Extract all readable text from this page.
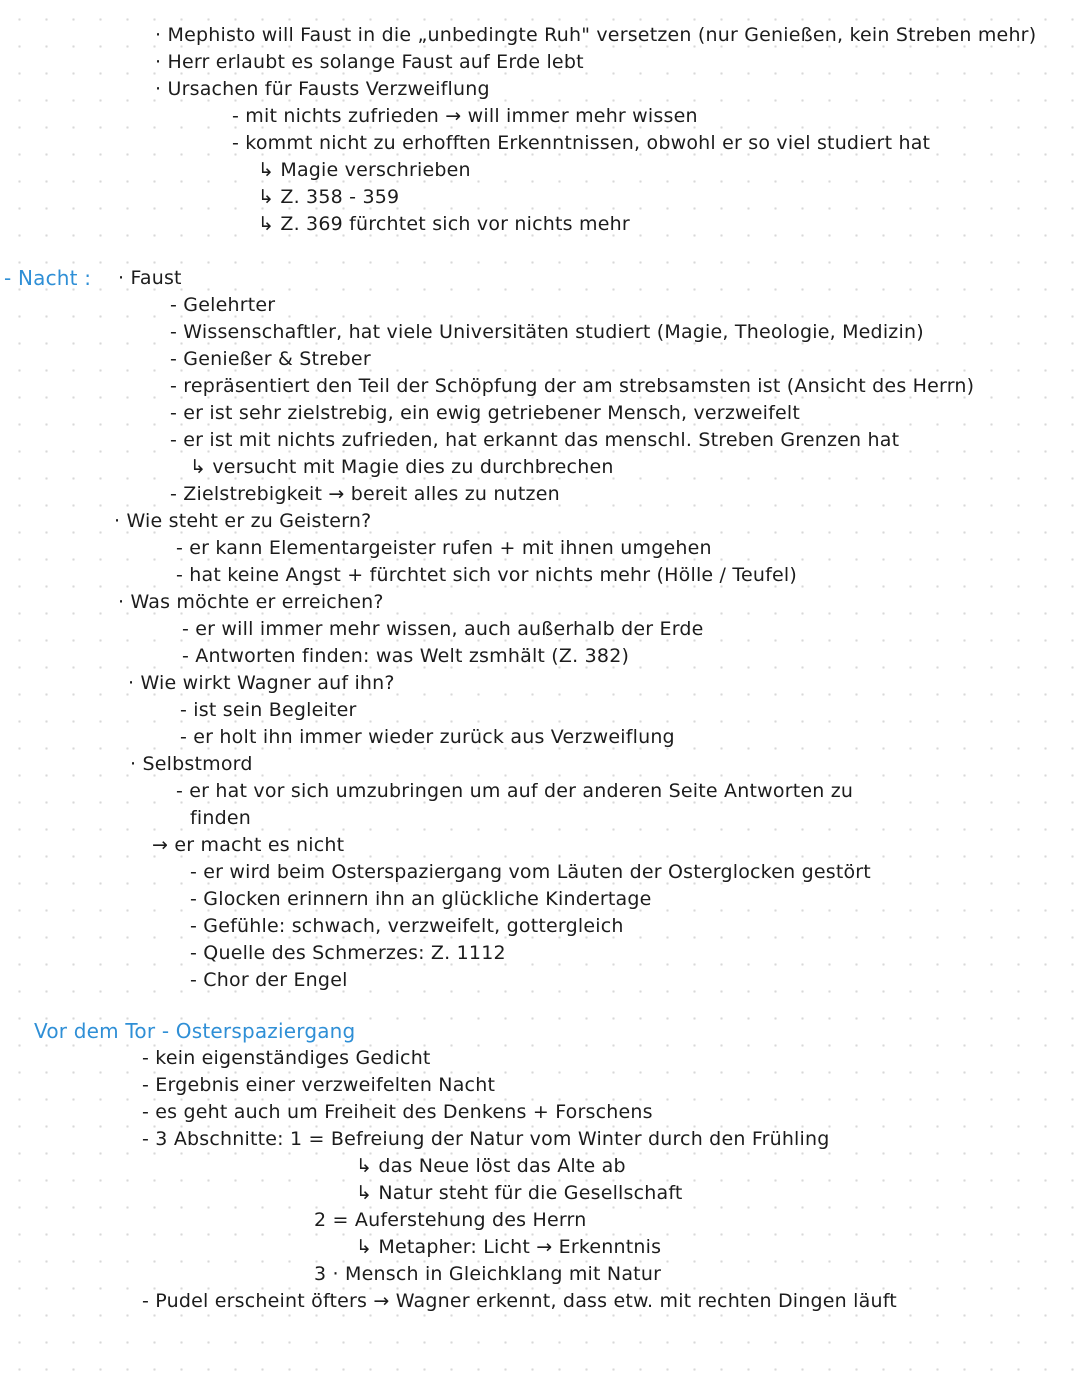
· Mephisto will Faust in die „unbedingte Ruh" versetzen (nur Genießen, kein Streben mehr)
· Herr erlaubt es solange Faust auf Erde lebt
· Ursachen für Fausts Verzweiflung
- mit nichts zufrieden → will immer mehr wissen
- kommt nicht zu erhofften Erkenntnissen, obwohl er so viel studiert hat
↳ Magie verschrieben
↳ Z. 358 - 359
↳ Z. 369 fürchtet sich vor nichts mehr
- Nacht : · Faust
- Gelehrter
- Wissenschaftler, hat viele Universitäten studiert (Magie, Theologie, Medizin)
- Genießer & Streber
- repräsentiert den Teil der Schöpfung der am strebsamsten ist (Ansicht des Herrn)
- er ist sehr zielstrebig, ein ewig getriebener Mensch, verzweifelt
- er ist mit nichts zufrieden, hat erkannt das menschl. Streben Grenzen hat
↳ versucht mit Magie dies zu durchbrechen
- Zielstrebigkeit → bereit alles zu nutzen
· Wie steht er zu Geistern?
- er kann Elementargeister rufen + mit ihnen umgehen
- hat keine Angst + fürchtet sich vor nichts mehr (Hölle / Teufel)
· Was möchte er erreichen?
- er will immer mehr wissen, auch außerhalb der Erde
- Antworten finden: was Welt zsmhält (Z. 382)
· Wie wirkt Wagner auf ihn?
- ist sein Begleiter
- er holt ihn immer wieder zurück aus Verzweiflung
· Selbstmord
- er hat vor sich umzubringen um auf der anderen Seite Antworten zu
finden
→ er macht es nicht
- er wird beim Osterspaziergang vom Läuten der Osterglocken gestört
- Glocken erinnern ihn an glückliche Kindertage
- Gefühle: schwach, verzweifelt, gottergleich
- Quelle des Schmerzes: Z. 1112
- Chor der Engel
Vor dem Tor - Osterspaziergang
- kein eigenständiges Gedicht
- Ergebnis einer verzweifelten Nacht
- es geht auch um Freiheit des Denkens + Forschens
- 3 Abschnitte: 1 = Befreiung der Natur vom Winter durch den Frühling
↳ das Neue löst das Alte ab
↳ Natur steht für die Gesellschaft
2 = Auferstehung des Herrn
↳ Metapher: Licht → Erkenntnis
3 · Mensch in Gleichklang mit Natur
- Pudel erscheint öfters → Wagner erkennt, dass etw. mit rechten Dingen läuft
